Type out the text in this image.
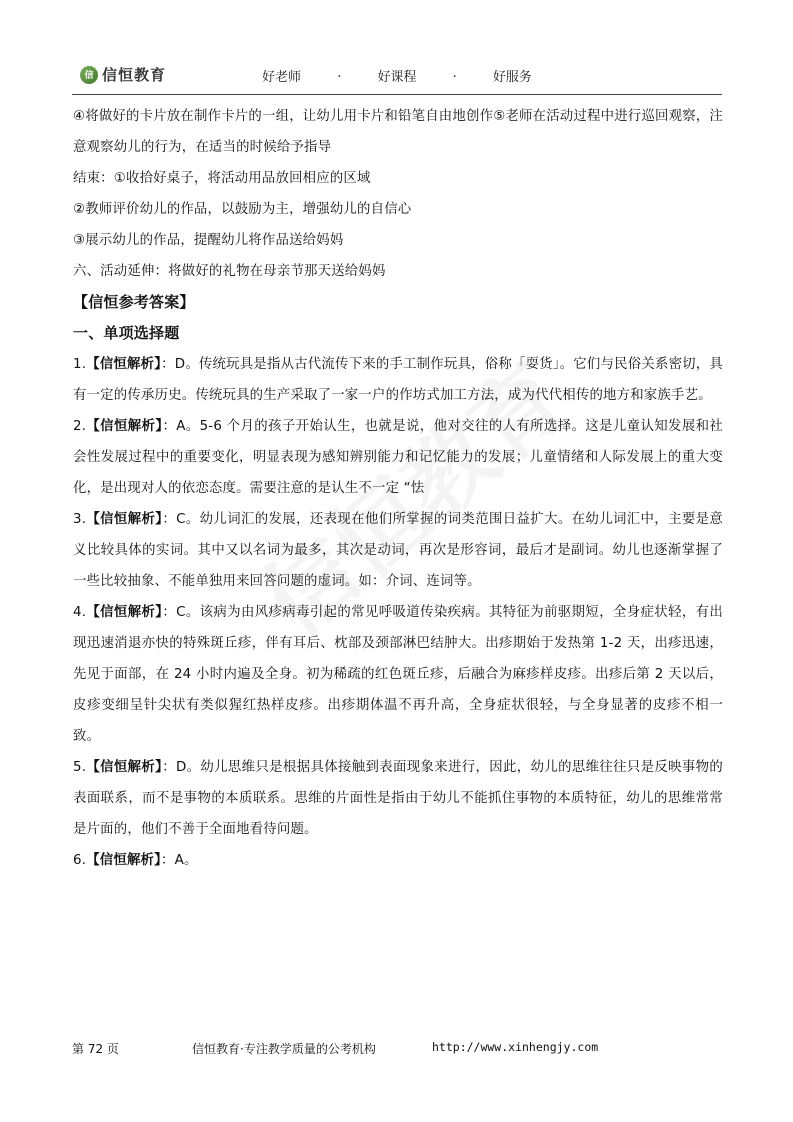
信 信恒教育	好老师	·	好课程	·	好服务

④将做好的卡片放在制作卡片的一组，让幼儿用卡片和铅笔自由地创作⑤老师在活动过程中进行巡回观察，注意观察幼儿的行为，在适当的时候给予指导

结束：①收拾好桌子，将活动用品放回相应的区域

②教师评价幼儿的作品，以鼓励为主，增强幼儿的自信心

③展示幼儿的作品，提醒幼儿将作品送给妈妈

六、活动延伸：将做好的礼物在母亲节那天送给妈妈

【信恒参考答案】

一、单项选择题

1.【信恒解析】：D。传统玩具是指从古代流传下来的手工制作玩具，俗称「耍货」。它们与民俗关系密切，具有一定的传承历史。传统玩具的生产采取了一家一户的作坊式加工方法，成为代代相传的地方和家族手艺。

2.【信恒解析】：A。5-6 个月的孩子开始认生，也就是说，他对交往的人有所选择。这是儿童认知发展和社会性发展过程中的重要变化，明显表现为感知辨别能力和记忆能力的发展；儿童情绪和人际发展上的重大变化，是出现对人的依恋态度。需要注意的是认生不一定 “怯

3.【信恒解析】：C。幼儿词汇的发展，还表现在他们所掌握的词类范围日益扩大。在幼儿词汇中，主要是意义比较具体的实词。其中又以名词为最多，其次是动词，再次是形容词，最后才是副词。幼儿也逐渐掌握了一些比较抽象、不能单独用来回答问题的虚词。如：介词、连词等。

4.【信恒解析】：C。该病为由风疹病毒引起的常见呼吸道传染疾病。其特征为前驱期短，全身症状轻，有出现迅速消退亦快的特殊斑丘疹，伴有耳后、枕部及颈部淋巴结肿大。出疹期始于发热第 1-2 天，出疹迅速，先见于面部，在 24 小时内遍及全身。初为稀疏的红色斑丘疹，后融合为麻疹样皮疹。出疹后第 2 天以后，皮疹变细呈针尖状有类似猩红热样皮疹。出疹期体温不再升高，全身症状很轻，与全身显著的皮疹不相一致。

5.【信恒解析】：D。幼儿思维只是根据具体接触到表面现象来进行，因此，幼儿的思维往往只是反映事物的表面联系，而不是事物的本质联系。思维的片面性是指由于幼儿不能抓住事物的本质特征，幼儿的思维常常是片面的，他们不善于全面地看待问题。

6.【信恒解析】：A。

第 72 页	信恒教育·专注教学质量的公考机构	http://www.xinhengjy.com
